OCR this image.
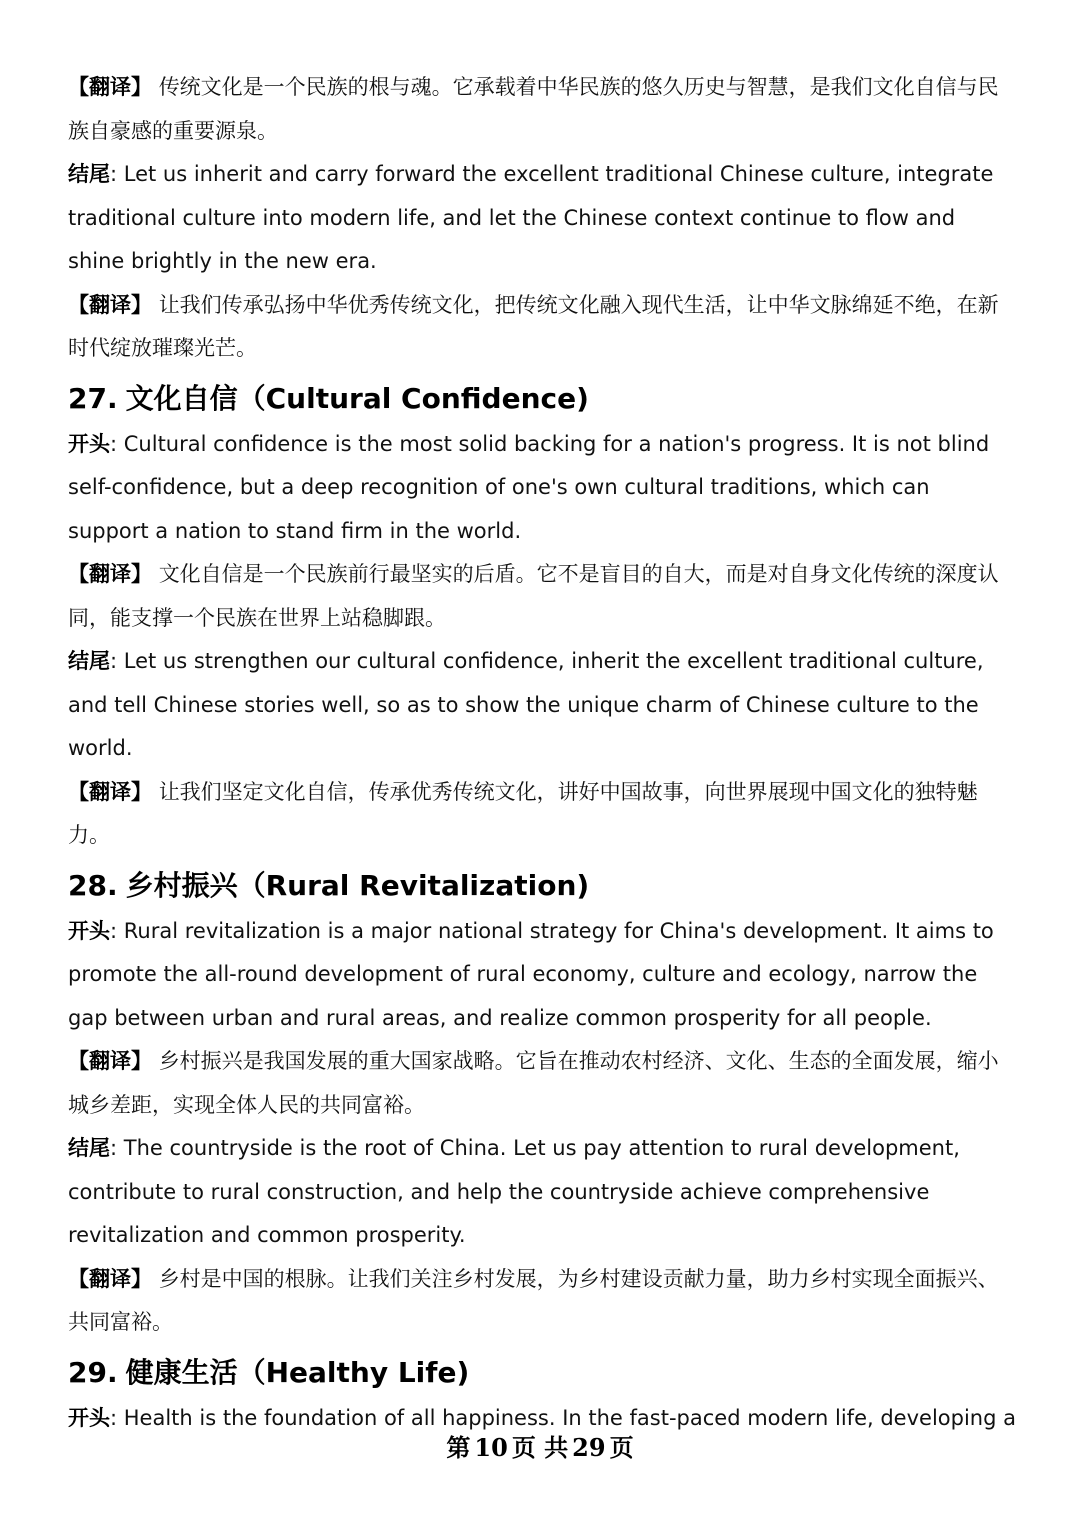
【翻译】 传统文化是一个民族的根与魂。它承载着中华民族的悠久历史与智慧，是我们文化自信与民族自豪感的重要源泉。

结尾: Let us inherit and carry forward the excellent traditional Chinese culture, integrate traditional culture into modern life, and let the Chinese context continue to flow and shine brightly in the new era.

【翻译】 让我们传承弘扬中华优秀传统文化，把传统文化融入现代生活，让中华文脉绵延不绝，在新时代绽放璀璨光芒。

27. 文化自信（Cultural Confidence)

开头: Cultural confidence is the most solid backing for a nation's progress. It is not blind self-confidence, but a deep recognition of one's own cultural traditions, which can support a nation to stand firm in the world.

【翻译】 文化自信是一个民族前行最坚实的后盾。它不是盲目的自大，而是对自身文化传统的深度认同，能支撑一个民族在世界上站稳脚跟。

结尾: Let us strengthen our cultural confidence, inherit the excellent traditional culture, and tell Chinese stories well, so as to show the unique charm of Chinese culture to the world.

【翻译】 让我们坚定文化自信，传承优秀传统文化，讲好中国故事，向世界展现中国文化的独特魅力。

28. 乡村振兴（Rural Revitalization)

开头: Rural revitalization is a major national strategy for China's development. It aims to promote the all-round development of rural economy, culture and ecology, narrow the gap between urban and rural areas, and realize common prosperity for all people.

【翻译】 乡村振兴是我国发展的重大国家战略。它旨在推动农村经济、文化、生态的全面发展，缩小城乡差距，实现全体人民的共同富裕。

结尾: The countryside is the root of China. Let us pay attention to rural development, contribute to rural construction, and help the countryside achieve comprehensive revitalization and common prosperity.

【翻译】 乡村是中国的根脉。让我们关注乡村发展，为乡村建设贡献力量，助力乡村实现全面振兴、共同富裕。

29. 健康生活（Healthy Life)

开头: Health is the foundation of all happiness. In the fast-paced modern life, developing a

第 10 页 共 29 页
